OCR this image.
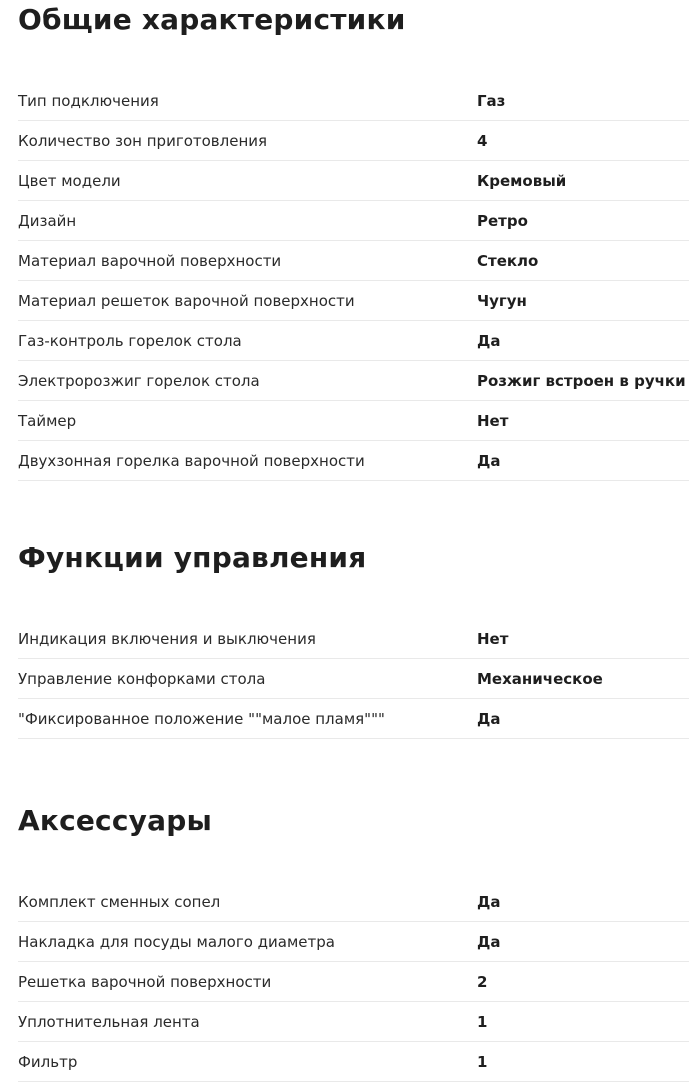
Общие характеристики
Тип подключения	Газ
Количество зон приготовления	4
Цвет модели	Кремовый
Дизайн	Ретро
Материал варочной поверхности	Стекло
Материал решеток варочной поверхности	Чугун
Газ-контроль горелок стола	Да
Электророзжиг горелок стола	Розжиг встроен в ручки
Таймер	Нет
Двухзонная горелка варочной поверхности	Да
Функции управления
Индикация включения и выключения	Нет
Управление конфорками стола	Механическое
"Фиксированное положение ""малое пламя"""	Да
Аксессуары
Комплект сменных сопел	Да
Накладка для посуды малого диаметра	Да
Решетка варочной поверхности	2
Уплотнительная лента	1
Фильтр	1
